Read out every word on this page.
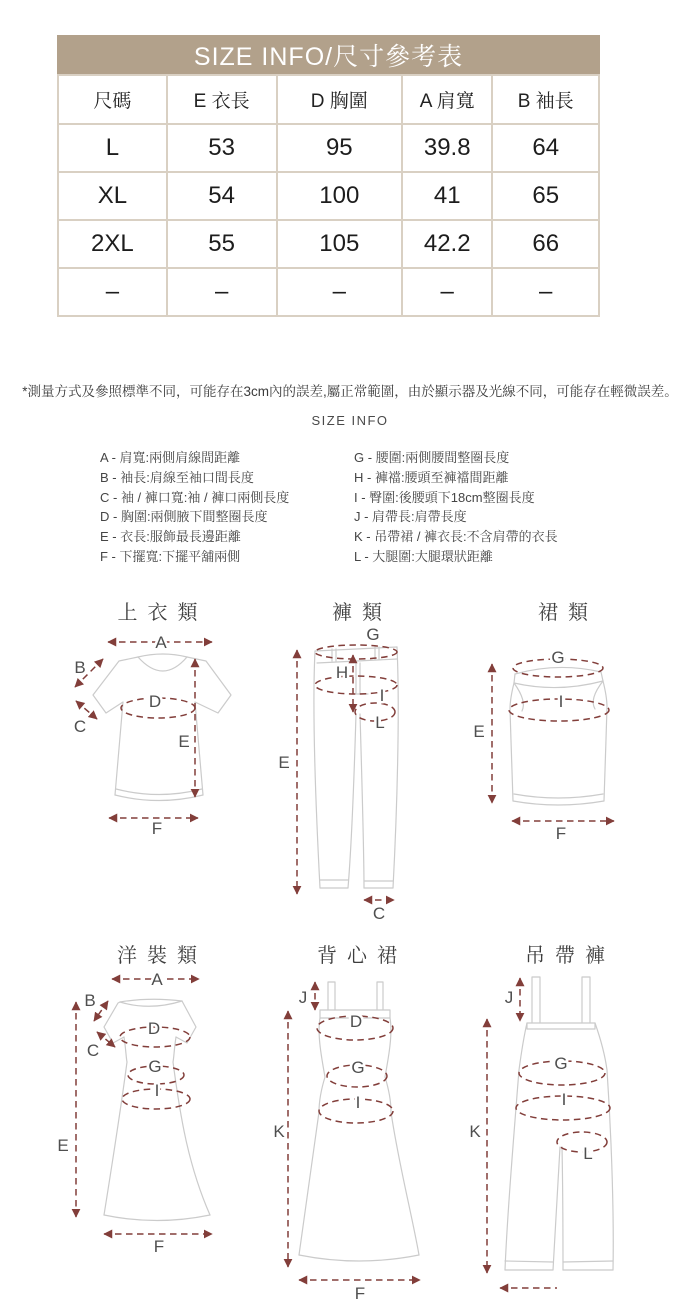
SIZE INFO/尺寸參考表
尺碼	E 衣長	D 胸圍	A 肩寬	B 袖長
L	53	95	39.8	64
XL	54	100	41	65
2XL	55	105	42.2	66
–	–	–	–	–
*測量方式及參照標準不同，可能存在3cm內的誤差,屬正常範圍，由於顯示器及光線不同，可能存在輕微誤差。
SIZE INFO
A - 肩寬:兩側肩線間距離
B - 袖長:肩線至袖口間長度
C - 袖 / 褲口寬:袖 / 褲口兩側長度
D - 胸圍:兩側腋下間整圈長度
E - 衣長:服飾最長邊距離
F - 下擺寬:下擺平舖兩側
G - 腰圍:兩側腰間整圈長度
H - 褲襠:腰頭至褲襠間距離
I - 臀圍:後腰頭下18cm整圈長度
J - 肩帶長:肩帶長度
K - 吊帶裙 / 褲衣長:不含肩帶的衣長
L - 大腿圍:大腿環狀距離
上衣類	褲類	裙類
洋裝類	背心裙	吊帶褲
A
B
C
D
E
F
G
H
I
L
E
C
G
I
E
F
A
B
C
D
G
I
E
F
J
D
G
I
K
F
J
G
I
L
K
